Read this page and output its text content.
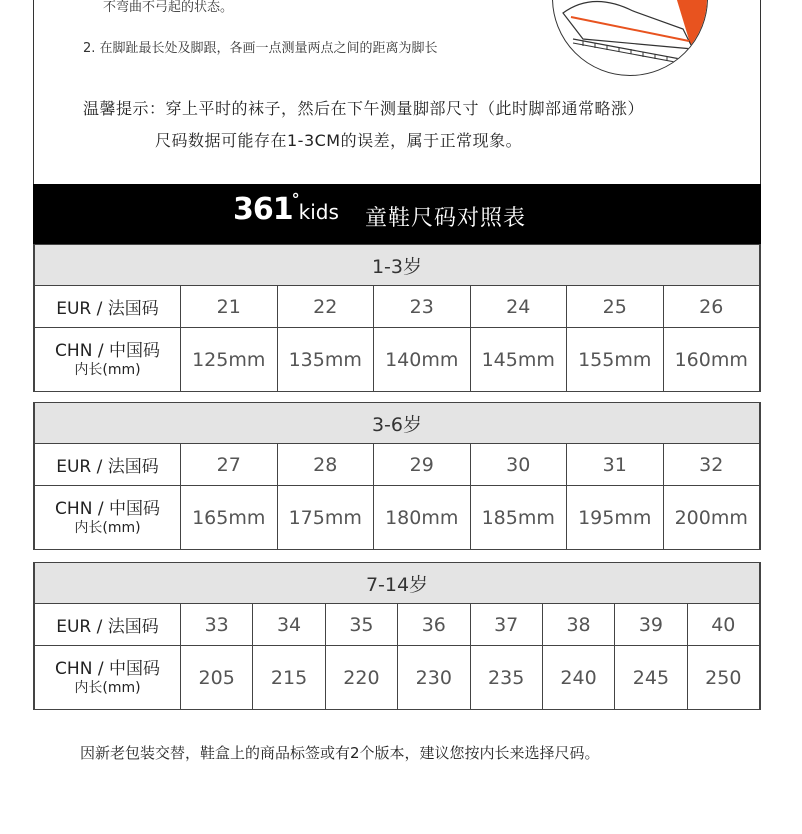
不弯曲不弓起的状态。
2. 在脚趾最长处及脚跟，各画一点测量两点之间的距离为脚长
温馨提示：穿上平时的袜子，然后在下午测量脚部尺寸（此时脚部通常略涨）
尺码数据可能存在1-3CM的误差，属于正常现象。
361°kids 童鞋尺码对照表
1-3岁						
EUR / 法国码	21	22	23	24	25	26

CHN / 中国码
内长(mm)	125mm	135mm	140mm	145mm	155mm	160mm
3-6岁						
EUR / 法国码	27	28	29	30	31	32

CHN / 中国码
内长(mm)	165mm	175mm	180mm	185mm	195mm	200mm
7-14岁								
EUR / 法国码	33	34	35	36	37	38	39	40

CHN / 中国码
内长(mm)	205	215	220	230	235	240	245	250
因新老包装交替，鞋盒上的商品标签或有2个版本，建议您按内长来选择尺码。
